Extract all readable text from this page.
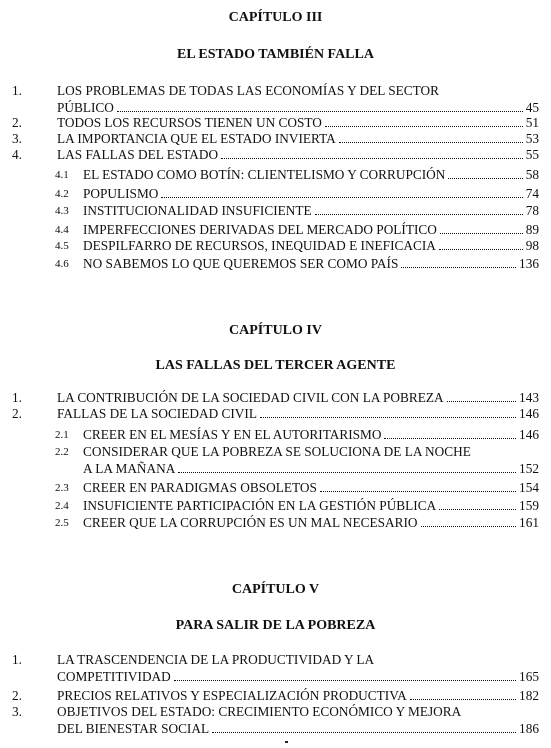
CAPÍTULO III
EL ESTADO TAMBIÉN FALLA
1.	LOS PROBLEMAS DE TODAS LAS ECONOMÍAS Y DEL SECTOR
PÚBLICO	45
2.	TODOS LOS RECURSOS TIENEN UN COSTO	51
3.	LA IMPORTANCIA QUE EL ESTADO INVIERTA	53
4.	LAS FALLAS DEL ESTADO	55
4.1 EL ESTADO COMO BOTÍN: CLIENTELISMO Y CORRUPCIÓN	58
4.2 POPULISMO	74
4.3 INSTITUCIONALIDAD INSUFICIENTE	78
4.4 IMPERFECCIONES DERIVADAS DEL MERCADO POLÍTICO	89
4.5 DESPILFARRO DE RECURSOS, INEQUIDAD E INEFICACIA	98
4.6 NO SABEMOS LO QUE QUEREMOS SER COMO PAÍS	136
CAPÍTULO IV
LAS FALLAS DEL TERCER AGENTE
1.	LA CONTRIBUCIÓN DE LA SOCIEDAD CIVIL CON LA POBREZA	143
2.	FALLAS DE LA SOCIEDAD CIVIL	146
2.1 CREER EN EL MESÍAS Y EN EL AUTORITARISMO	146
2.2 CONSIDERAR QUE LA POBREZA SE SOLUCIONA DE LA NOCHE
A LA MAÑANA	152
2.3 CREER EN PARADIGMAS OBSOLETOS	154
2.4 INSUFICIENTE PARTICIPACIÓN EN LA GESTIÓN PÚBLICA	159
2.5 CREER QUE LA CORRUPCIÓN ES UN MAL NECESARIO	161
CAPÍTULO V
PARA SALIR DE LA POBREZA
1.	LA TRASCENDENCIA DE LA PRODUCTIVIDAD Y LA
COMPETITIVIDAD	165
2.	PRECIOS RELATIVOS Y ESPECIALIZACIÓN PRODUCTIVA	182
3.	OBJETIVOS DEL ESTADO: CRECIMIENTO ECONÓMICO Y MEJORA
DEL BIENESTAR SOCIAL	186
